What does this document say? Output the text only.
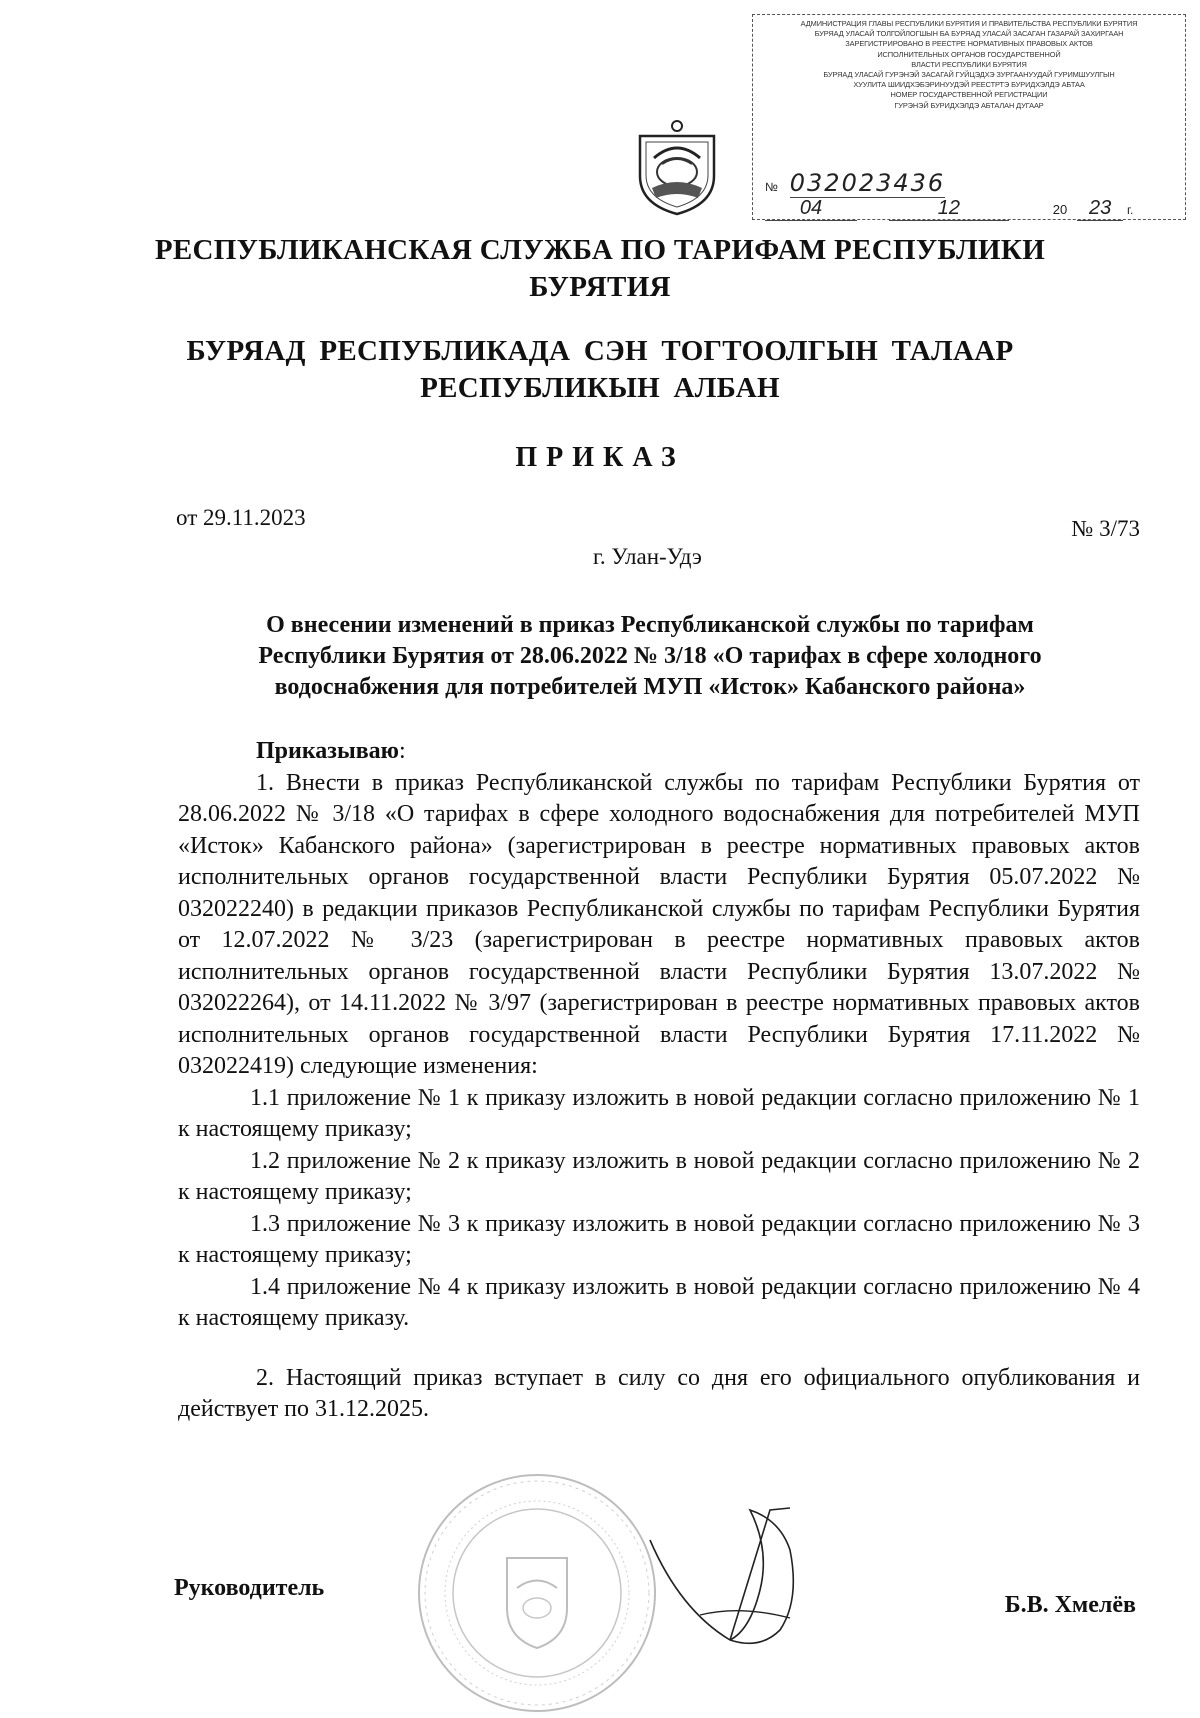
АДМИНИСТРАЦИЯ ГЛАВЫ РЕСПУБЛИКИ БУРЯТИЯ И ПРАВИТЕЛЬСТВА РЕСПУБЛИКИ БУРЯТИЯ
БУРЯАД УЛАСАЙ ТОЛГОЙЛОГШЫН БА БУРЯАД УЛАСАЙ ЗАСАГАН ГАЗАРАЙ ЗАХИРГААН
ЗАРЕГИСТРИРОВАНО В РЕЕСТРЕ НОРМАТИВНЫХ ПРАВОВЫХ АКТОВ
ИСПОЛНИТЕЛЬНЫХ ОРГАНОВ ГОСУДАРСТВЕННОЙ
ВЛАСТИ РЕСПУБЛИКИ БУРЯТИЯ
БУРЯАД УЛАСАЙ ГУРЭНЭЙ ЗАСАГАЙ ГУЙЦЭДХЭ ЗУРГААНУУДАЙ ГУРИМШУУЛГЫН
ХУУЛИТА ШИИДХЭБЭРИНУУДЭЙ РЕЕСТРТЭ БУРИДХЭЛДЭ АБТАА
НОМЕР ГОСУДАРСТВЕННОЙ РЕГИСТРАЦИИ
ГУРЭНЭЙ БУРИДХЭЛДЭ АБТАЛАН ДУГААР
№ 032023436
04	12	20 23 г.
РЕСПУБЛИКАНСКАЯ СЛУЖБА ПО ТАРИФАМ РЕСПУБЛИКИ
БУРЯТИЯ
БУРЯАД РЕСПУБЛИКАДА СЭН ТОГТООЛГЫН ТАЛААР
РЕСПУБЛИКЫН АЛБАН
ПРИКАЗ
от 29.11.2023	№ 3/73
г. Улан-Удэ
О внесении изменений в приказ Республиканской службы по тарифам
Республики Бурятия от 28.06.2022 № 3/18 «О тарифах в сфере холодного
водоснабжения для потребителей МУП «Исток» Кабанского района»

Приказываю:

1. Внести в приказ Республиканской службы по тарифам Республики Бурятия от 28.06.2022 № 3/18 «О тарифах в сфере холодного водоснабжения для потребителей МУП «Исток» Кабанского района» (зарегистрирован в реестре нормативных правовых актов исполнительных органов государственной власти Республики Бурятия 05.07.2022 № 032022240) в редакции приказов Республиканской службы по тарифам Республики Бурятия от 12.07.2022 № 3/23 (зарегистрирован в реестре нормативных правовых актов исполнительных органов государственной власти Республики Бурятия 13.07.2022 № 032022264), от 14.11.2022 № 3/97 (зарегистрирован в реестре нормативных правовых актов исполнительных органов государственной власти Республики Бурятия 17.11.2022 № 032022419) следующие изменения:

1.1 приложение № 1 к приказу изложить в новой редакции согласно приложению № 1 к настоящему приказу;

1.2 приложение № 2 к приказу изложить в новой редакции согласно приложению № 2 к настоящему приказу;

1.3 приложение № 3 к приказу изложить в новой редакции согласно приложению № 3 к настоящему приказу;

1.4 приложение № 4 к приказу изложить в новой редакции согласно приложению № 4 к настоящему приказу.

2. Настоящий приказ вступает в силу со дня его официального опубликования и действует по 31.12.2025.

Руководитель
Б.В. Хмелёв
